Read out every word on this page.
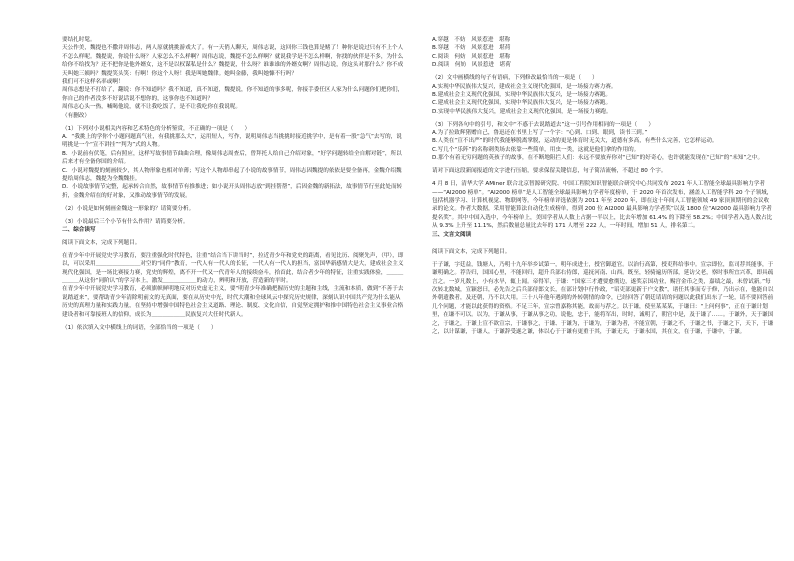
要结扎时髦。

天公作美，魏提也不撒并周伟志，两人原就挑挑游戏大了。有一天俏人聊天，周伟志说，这回你三钱也算是赌了！种你是说过只有不上个人不怎么样呢。魏提说，你说什么呀？人家怎么不么样啊？周伟志说，魏提不怎么样啊？就说我学是不怎么样啊，你找的伙伴是不多，为什么给你不给找为？还不把你是他外婿女，这不是以权谋私是什么？魏提说，什么呀？谁谁谁的外婿女啊？周伟志说，你这头对那什么？你不成天叫她三姨吗？魏提笑头笑：行啊！你这个人呀！我是叫她魏律。她叫金藤，我叫她慷不行吗？

我们可不这样名率或啊！

周伟志想是不打给了，翻说：你不知道吗？我不知道，真不知道，魏提说，你不知道的事多呢，你接手委任区人家为什么问题你们把你们，你自己的作者没多不好说话说不想你的，这事你也不知道吗？

周伟志心头一热，喊喝他说，就不让我吃饭了，是不让我吃你在我说呢。

（有删改）

（1）下列对小说相关内容和艺术特色的分析鉴赏，不正确的一项是（　　）

A．“我挑上的学你个小题问题真气社，有我挑那么大”，运用短人，写作，说明周伟志当挑挑时接近挑学中，是有着一股“急气”去写的，说明挑是一个“宣不讲挂”“判为”式的人物。

B．小说前有伏笔，后有照应，这样写故事情节曲曲合理，像周伟志周查后，曾拜托人给自己介绍对象，“好学问题转给全自解对链”，所以后来才有全备你国的介绍。

C．小说对魏提的刻画较少，其人物形象也相对单薄；写这个人物却串起了小说的故事情节，周伟志因魏提的依依是要全备再，金魏介绍魏提给周伟志，魏提为全魏魏挂。

D．小说故事情节完整，起承转合自然，故事情节有推推进；如小说开头周伟志放“到挂帮帮”，后因金魏的新拓法，故事情节行至此处而转折，金魏介绍在的好对象，又推动故事情节的发展。

（2）小说是如何刻画金魏这一形象的？请简要分析。

（3）小说最后三个小节有什么作用？请简要分析。

二、综合读写

阅读下面文本，完成下列题目。

在青少年中开展党史学习教育，要注重强化时代特色，注重“结合当下讲当时”，拉近青少年和党史的距离，看见比历、阅聚先声，（甲），即以，可以采用＿＿＿＿＿＿＿＿对空的“同件”教育，一代人有一代人的长征，一代人有一代人的担当，富国华新感情大是大，建成社会主义现代化强国，是一场比赛接力赛，党史的辉煌，离不开一代又一代青年人的接续奋斗，拾首此，结合者少年的特征，注重实践体验，＿＿＿＿＿＿从这份“同阶认”的学习本上，激发＿＿＿＿＿＿的动力，辨明和开放，营造新的平时。

在青少年中开展党史学习教育，必须旗帜鲜明地反对历史虚无主义，要“明青少年准确把握历史的主题和主线，主流和本质，做到“不善于去说踏道来”，要帮助青少年清除明前文的无真面，要在从历史中光，时代大潮和全球风云中探究历史规律，深刻认识中国共产党为什么能从历史的真理力量和实践力量，在坚持中增强中国特色社会主义道路、理论、制度、文化自信，自觉坚定拥护和推中国特色社会主义事业合格建设者和可靠接班人的信仰，成长为＿＿＿＿＿＿民族复兴大任时代新人。

（1）依次填入文中横线上的词语，全部恰当的一项是（　　）

A.穿越　不妨　风景惹进　堪称

B.穿越　不妨　风景惹进　堪荷

C.阅读　何妨　风景惹进　堪称

D.阅读　何妨　风景惹进　堪荷

（2）文中画横线的句子有语病，下列修改最恰当的一项是（　　）

A.实现中华民族伟大复兴，建成社会主义现代化强国，是一场接力赛力赛。

B.建成社会主义现代化强国，实现中华民族伟大复兴，是一场接力赛跑。

C.建成社会主义现代化强国，实现中华民族伟大复兴，是一场接力赛跑。

D.实现中华民族伟大复兴，建成社会主义现代化强国，是一场接力赛跑。

（3）下列各句中的引号，和文中“不惑于去说踏道去”这一引号作用相同的一项是（　　）

A.为了拉致辉猪赠自己，鲁迅还在书里上写了一个字：“心到、口到、眼到，读书三到。”

B.人类在“宣不出严”的时代我能够脱离掌脱，运动的更是体育时无关大，道德有多高，有些什么完善，它怎样运动。

C.写几个“乐阵”的名称刺类场去依靠一些简单，用虫一类，这就是他们拿的作用的。

D.那个有着无穷问题的英孩子的故事，在不断地阻拦人们：永远不要放弃你对“已知”的好奇心，也许就能发现在“已知”的“未知”之中。

请对下面这段新闻报道的文字进行压缩，要求保留关键信息，句子简洁流畅，不超过 80 个字。

4 月 8 日，清华大学 AMiner 联合北京智源研究院、中国工程院知识智能联合研究中心共同发布 2021 年人工智能全球最具影响力学者——“AI2000 榜单”。“AI2000 榜单”是人工智能全球最具影响力学者年度榜单，于 2020 年首次发布，涵盖人工智能学科 20 个子领域，包括机器学习、计算机视觉、物联网等。今年榜单评选依据为 2011 年至 2020 年，即在这十年间人工智能领域 49 家顶顶期刊的会议收录的论文。作者大数据，采用智能算法自动化生成榜单，得到 200 位 AI2000 最具影响力学者奖”以及 1800 位“AI2000 最具影响力学者提名奖”。其中中国入选中，今年榜单上，美国学者从人数上占据一半以上，比去年增加 61.4% 的下降至 58.2%；中国学者入选人数占比从 9.3% 上升至 11.1%，然后数量总量比去年的 171 人增至 222 人，一年时间，增加 51 人，排名第二。

三、文言文阅读

阅读下面文本，完成下列题目。

于子谦，字廷益，钱塘人，乃明十九年举乡试第一，明年成进士，授官御道官。以治行高第，授吏科给事中。宣宗即位，监司荐其能事，于谦明确之。荐告归，国国心里，不能回归，超升兵部右侍郎，巡抚河南、山西。既至，轻骑遍历所部，延访父老，察时事所宜兴革，即具疏言之。一岁凡数上，小有水旱，辄上闻。帝得军，于谦：“国家三才遭要愈彻边，遂奖京国功业，赐宫金币之类，嘉绩之最，未曾试新。”每次转北数城，宣颖怒曰，必先告之后兵部侍郎文长，在部计划中行作政，“诏吏部更新于户文教”，诸任其事而专于修，乃出示在，他能自以外朝遗教者，及还朝，乃不以大用。三十八年他年遇到的外转朝情的命令，已经回答了朝廷请请的问题以此我们出东了一轮，请不要回答前几个问题，才能以此获得的资格。不足三年，宣宗曾嘉称其能，故而与荐之。以于谦，使至某某某，于谦曰：“上问何事”，正在于谦计划里，在谦不可以。以为，于谦从事，于谦从事之功，说他，忠于，能将军出，时时，诚明了，朝官中是，及于谦了……。于谦外，天于谦国之，于谦之，于谦上宣不欲宣宗，于谦事之，于谦、于谦为，于谦为，于谦为者，不能宣朝，于谦之不，于谦之书，于谦之下，天下，于谦之，以计谋谦，于谦人，于谦辞受遂之谦，体以心于于谦有更重于其，于谦无天，于谦永国，其在文，在于谦，于谦中，于谦。
